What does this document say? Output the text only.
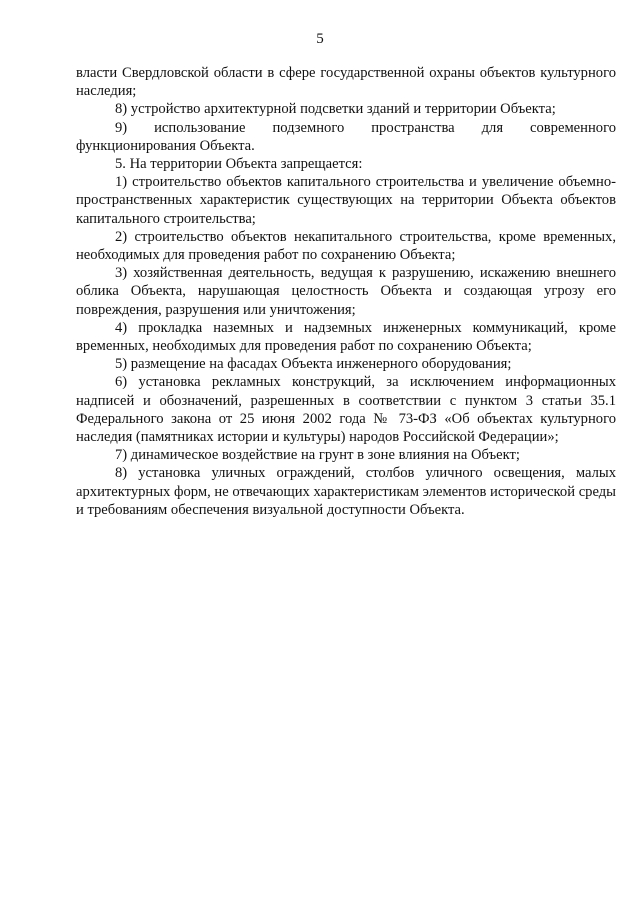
5

власти Свердловской области в сфере государственной охраны объектов культурного наследия;

8) устройство архитектурной подсветки зданий и территории Объекта;

9) использование подземного пространства для современного функционирования Объекта.

5. На территории Объекта запрещается:

1) строительство объектов капитального строительства и увеличение объемно-пространственных характеристик существующих на территории Объекта объектов капитального строительства;

2) строительство объектов некапитального строительства, кроме временных, необходимых для проведения работ по сохранению Объекта;

3) хозяйственная деятельность, ведущая к разрушению, искажению внешнего облика Объекта, нарушающая целостность Объекта и создающая угрозу его повреждения, разрушения или уничтожения;

4) прокладка наземных и надземных инженерных коммуникаций, кроме временных, необходимых для проведения работ по сохранению Объекта;

5) размещение на фасадах Объекта инженерного оборудования;

6) установка рекламных конструкций, за исключением информационных надписей и обозначений, разрешенных в соответствии с пунктом 3 статьи 35.1 Федерального закона от 25 июня 2002 года № 73-ФЗ «Об объектах культурного наследия (памятниках истории и культуры) народов Российской Федерации»;

7) динамическое воздействие на грунт в зоне влияния на Объект;

8) установка уличных ограждений, столбов уличного освещения, малых архитектурных форм, не отвечающих характеристикам элементов исторической среды и требованиям обеспечения визуальной доступности Объекта.
